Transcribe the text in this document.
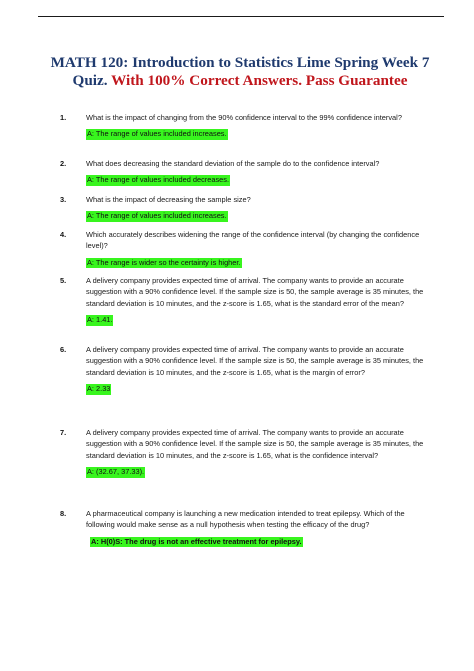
MATH 120: Introduction to Statistics Lime Spring Week 7 Quiz. With 100% Correct Answers. Pass Guarantee
1.	What is the impact of changing from the 90% confidence interval to the 99% confidence interval?
A: The range of values included increases.
2.	What does decreasing the standard deviation of the sample do to the confidence interval?
A: The range of values included decreases.
3.	What is the impact of decreasing the sample size?
A: The range of values included increases.
4.	Which accurately describes widening the range of the confidence interval (by changing the confidence level)?
A: The range is wider so the certainty is higher.
5.	A delivery company provides expected time of arrival. The company wants to provide an accurate suggestion with a 90% confidence level. If the sample size is 50, the sample average is 35 minutes, the standard deviation is 10 minutes, and the z-score is 1.65, what is the standard error of the mean?
A: 1.41.
6.	A delivery company provides expected time of arrival. The company wants to provide an accurate suggestion with a 90% confidence level. If the sample size is 50, the sample average is 35 minutes, the standard deviation is 10 minutes, and the z-score is 1.65, what is the margin of error?
A: 2.33
7.	A delivery company provides expected time of arrival. The company wants to provide an accurate suggestion with a 90% confidence level. If the sample size is 50, the sample average is 35 minutes, the standard deviation is 10 minutes, and the z-score is 1.65, what is the confidence interval?
A: (32.67, 37.33).
8.	A pharmaceutical company is launching a new medication intended to treat epilepsy. Which of the following would make sense as a null hypothesis when testing the efficacy of the drug?
A: H(0)S: The drug is not an effective treatment for epilepsy.
